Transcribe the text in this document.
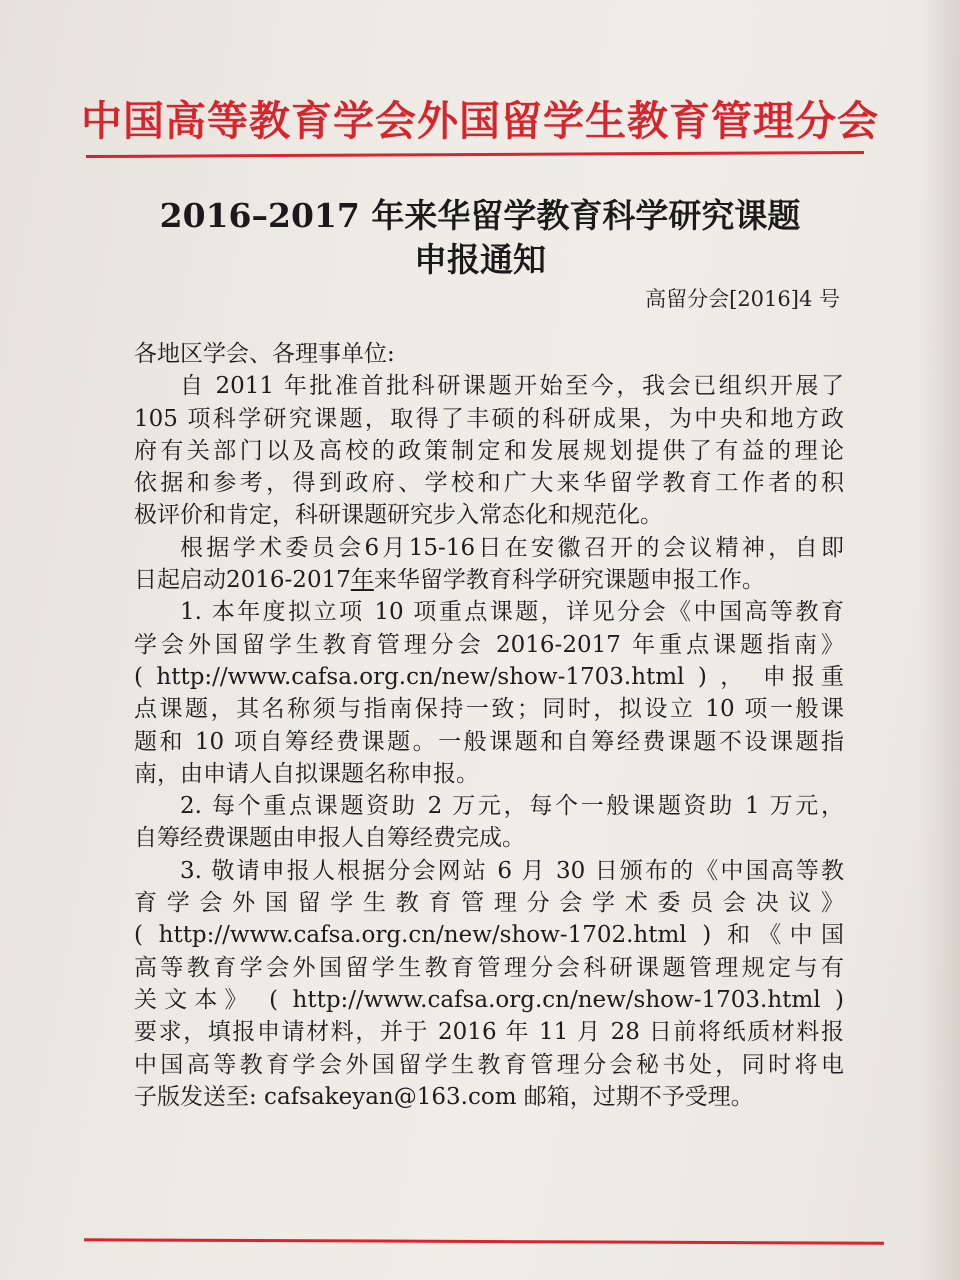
中国高等教育学会外国留学生教育管理分会
2016–2017 年来华留学教育科学研究课题
申报通知
高留分会[2016]4 号
各地区学会、各理事单位:
自 2011 年批准首批科研课题开始至今，我会已组织开展了
105 项科学研究课题，取得了丰硕的科研成果，为中央和地方政
府有关部门以及高校的政策制定和发展规划提供了有益的理论
依据和参考，得到政府、学校和广大来华留学教育工作者的积
极评价和肯定，科研课题研究步入常态化和规范化。
根据学术委员会6月15-16日在安徽召开的会议精神，自即
日起启动2016-2017年来华留学教育科学研究课题申报工作。
1. 本年度拟立项 10 项重点课题，详见分会《中国高等教育
学会外国留学生教育管理分会 2016-2017 年重点课题指南》
( http://www.cafsa.org.cn/new/show-1703.html ) ， 申报重
点课题，其名称须与指南保持一致；同时，拟设立 10 项一般课
题和 10 项自筹经费课题。一般课题和自筹经费课题不设课题指
南，由申请人自拟课题名称申报。
2. 每个重点课题资助 2 万元，每个一般课题资助 1 万元，
自筹经费课题由申报人自筹经费完成。
3. 敬请申报人根据分会网站 6 月 30 日颁布的《中国高等教
育学会外国留学生教育管理分会学术委员会决议》
( http://www.cafsa.org.cn/new/show-1702.html ) 和《中国
高等教育学会外国留学生教育管理分会科研课题管理规定与有
关文本》 ( http://www.cafsa.org.cn/new/show-1703.html )
要求，填报申请材料，并于 2016 年 11 月 28 日前将纸质材料报
中国高等教育学会外国留学生教育管理分会秘书处，同时将电
子版发送至: cafsakeyan@163.com 邮箱，过期不予受理。
